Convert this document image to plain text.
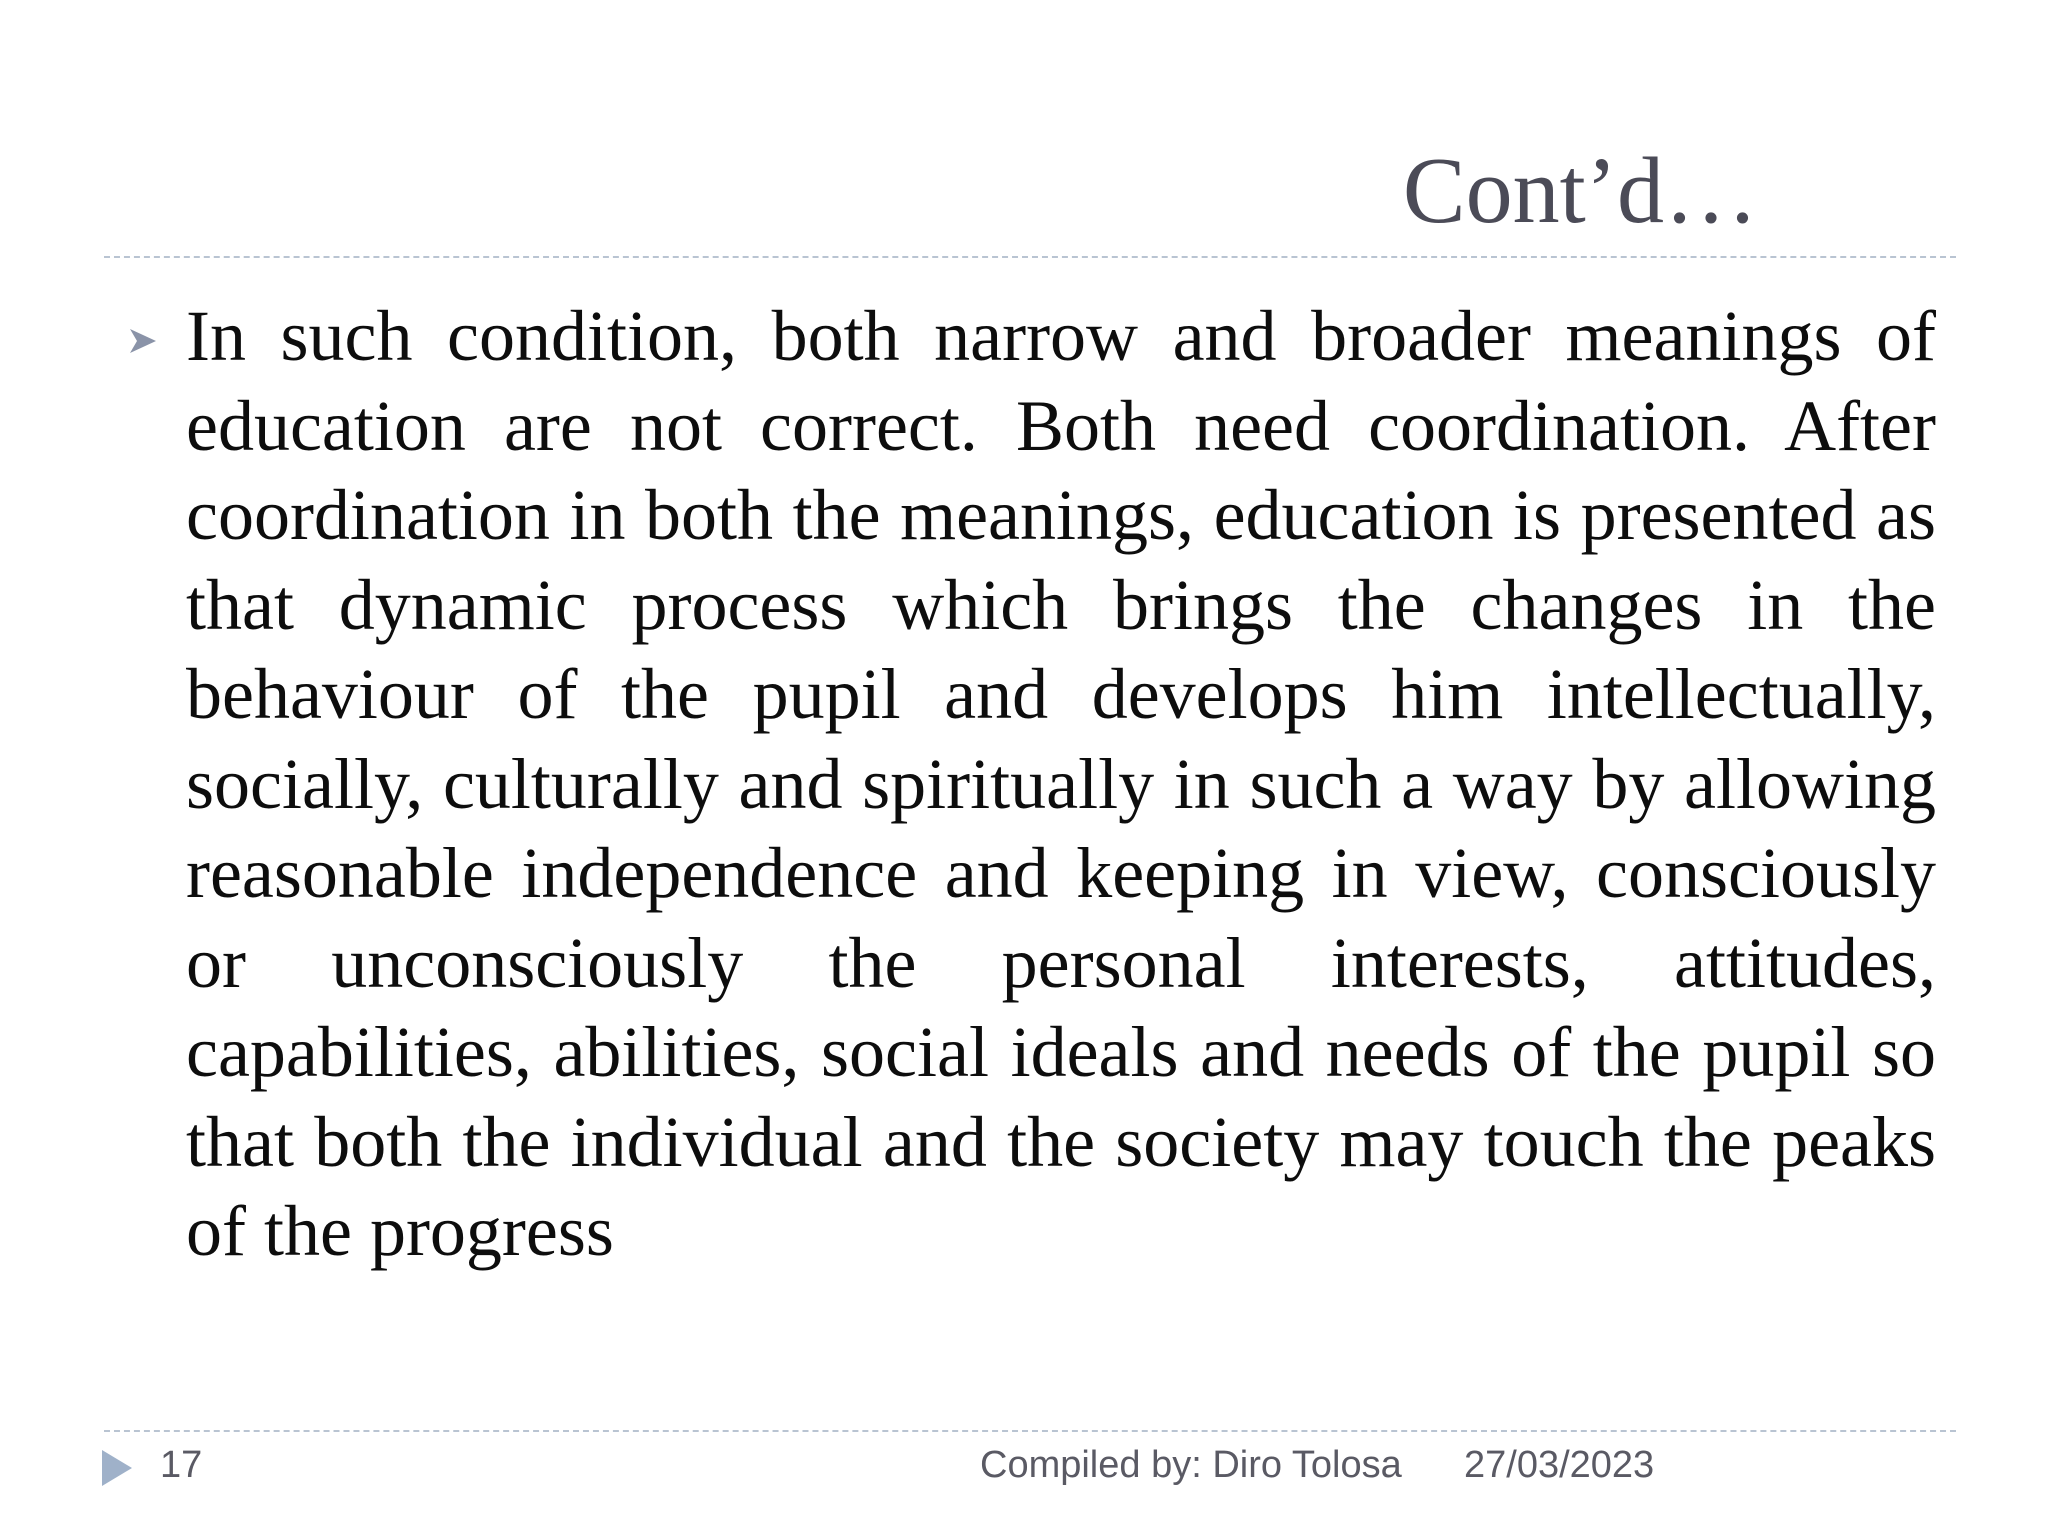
Cont’d…

In such condition, both narrow and broader meanings of education are not correct. Both need coordination. After coordination in both the meanings, education is presented as that dynamic process which brings the changes in the behaviour of the pupil and develops him intellectually, socially, culturally and spiritually in such a way by allowing reasonable independence and keeping in view, consciously or unconsciously the personal interests, attitudes, capabilities, abilities, social ideals and needs of the pupil so that both the individual and the society may touch the peaks of the progress

17	Compiled by: Diro Tolosa 27/03/2023
